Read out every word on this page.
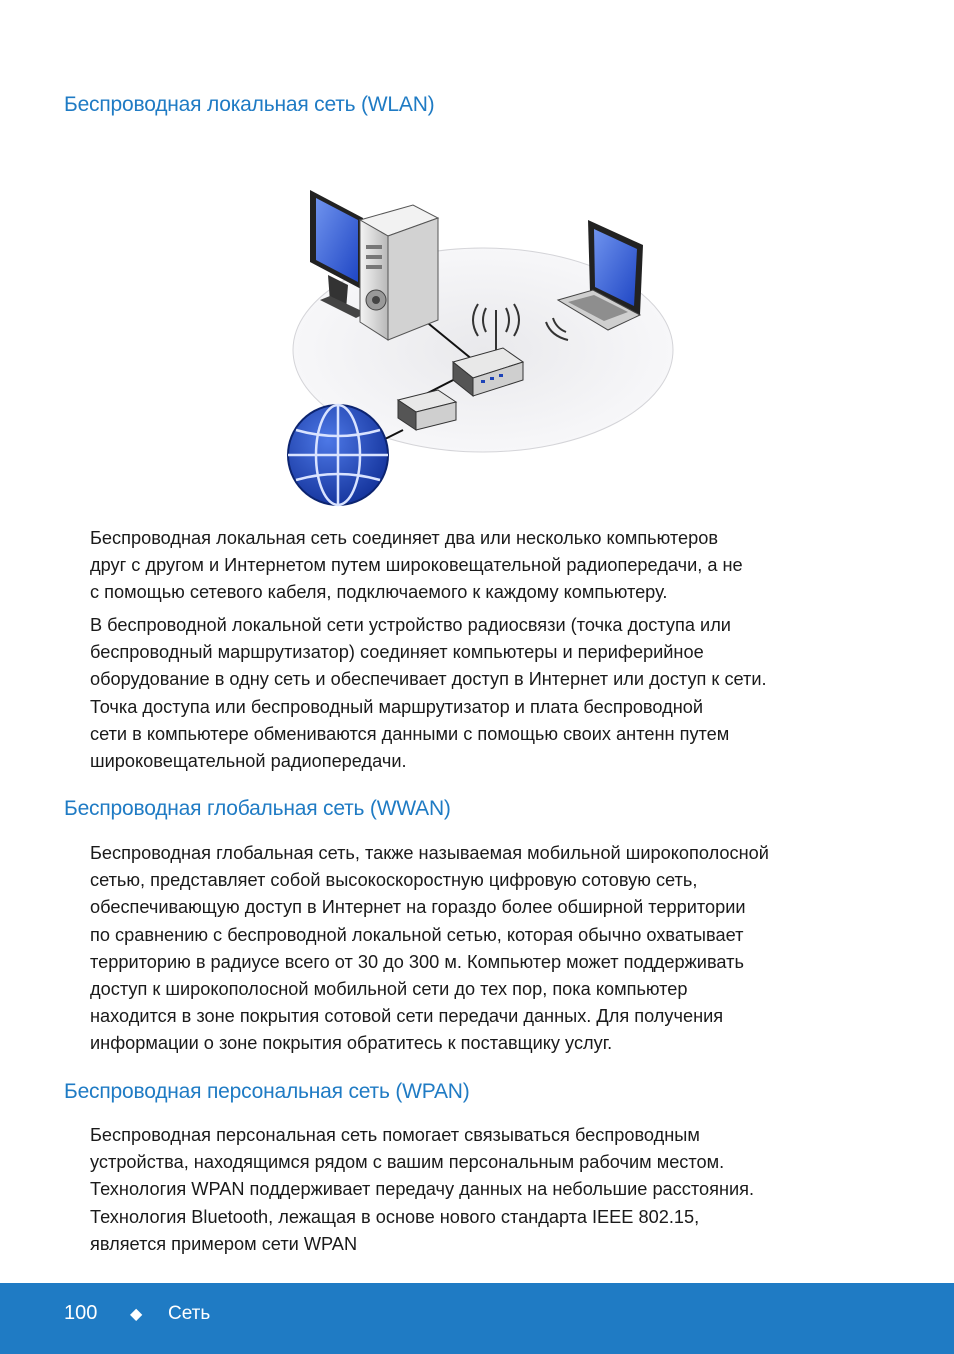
Беспроводная локальная сеть (WLAN)
Беспроводная локальная сеть соединяет два или несколько компьютеров
друг с другом и Интернетом путем широковещательной радиопередачи, а не
с помощью сетевого кабеля, подключаемого к каждому компьютеру.
В беспроводной локальной сети устройство радиосвязи (точка доступа или
беспроводный маршрутизатор) соединяет компьютеры и периферийное
оборудование в одну сеть и обеспечивает доступ в Интернет или доступ к сети.
Точка доступа или беспроводный маршрутизатор и плата беспроводной
сети в компьютере обмениваются данными с помощью своих антенн путем
широковещательной радиопередачи.
Беспроводная глобальная сеть (WWAN)
Беспроводная глобальная сеть, также называемая мобильной широкополосной
сетью, представляет собой высокоскоростную цифровую сотовую сеть,
обеспечивающую доступ в Интернет на гораздо более обширной территории
по сравнению с беспроводной локальной сетью, которая обычно охватывает
территорию в радиусе всего от 30 до 300 м. Компьютер может поддерживать
доступ к широкополосной мобильной сети до тех пор, пока компьютер
находится в зоне покрытия сотовой сети передачи данных. Для получения
информации о зоне покрытия обратитесь к поставщику услуг.
Беспроводная персональная сеть (WPAN)
Беспроводная персональная сеть помогает связываться беспроводным
устройства, находящимся рядом с вашим персональным рабочим местом.
Технология WPAN поддерживает передачу данных на небольшие расстояния.
Технология Bluetooth, лежащая в основе нового стандарта IEEE 802.15,
является примером сети WPAN
100 ◆ Сеть
